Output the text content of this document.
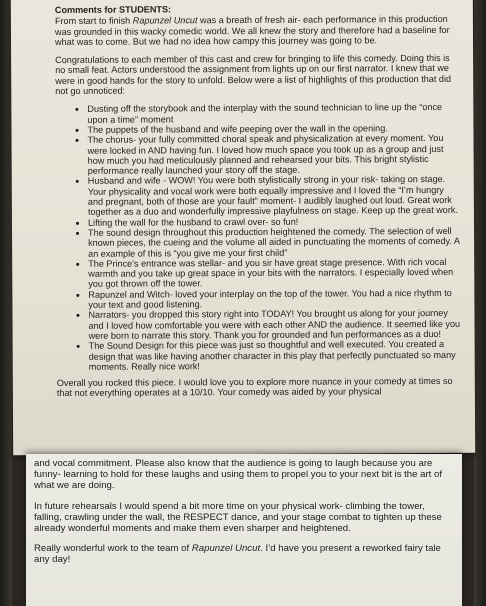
Comments for STUDENTS:

From start to finish Rapunzel Uncut was a breath of fresh air- each performance in this production was grounded in this wacky comedic world. We all knew the story and therefore had a baseline for what was to come. But we had no idea how campy this journey was going to be.

Congratulations to each member of this cast and crew for bringing to life this comedy. Doing this is no small feat. Actors understood the assignment from lights up on our first narrator. I knew that we were in good hands for the story to unfold. Below were a list of highlights of this production that did not go unnoticed:

• Dusting off the storybook and the interplay with the sound technician to line up the “once upon a time” moment
• The puppets of the husband and wife peeping over the wall in the opening.
• The chorus- your fully committed choral speak and physicalization at every moment. You were locked in AND having fun. I loved how much space you took up as a group and just how much you had meticulously planned and rehearsed your bits. This bright stylistic performance really launched your story off the stage.
• Husband and wife - WOW! You were both stylistically strong in your risk- taking on stage. Your physicality and vocal work were both equally impressive and I loved the “I’m hungry and pregnant, both of those are your fault” moment- I audibly laughed out loud. Great work together as a duo and wonderfully impressive playfulness on stage. Keep up the great work.
• Lifting the wall for the husband to crawl over- so fun!
• The sound design throughout this production heightened the comedy. The selection of well known pieces, the cueing and the volume all aided in punctuating the moments of comedy. A an example of this is “you give me your first child”
• The Prince’s entrance was stellar- and you sir have great stage presence. With rich vocal warmth and you take up great space in your bits with the narrators. I especially loved when you got thrown off the tower.
• Rapunzel and Witch- loved your interplay on the top of the tower. You had a nice rhythm to your text and good listening.
• Narrators- you dropped this story right into TODAY! You brought us along for your journey and I loved how comfortable you were with each other AND the audience. It seemed like you were born to narrate this story. Thank you for grounded and fun performances as a duo!
• The Sound Design for this piece was just so thoughtful and well executed. You created a design that was like having another character in this play that perfectly punctuated so many moments. Really nice work!

Overall you rocked this piece. I would love you to explore more nuance in your comedy at times so that not everything operates at a 10/10. Your comedy was aided by your physical

and vocal commitment. Please also know that the audience is going to laugh because you are funny- learning to hold for these laughs and using them to propel you to your next bit is the art of what we are doing.

In future rehearsals I would spend a bit more time on your physical work- climbing the tower, falling, crawling under the wall, the RESPECT dance, and your stage combat to tighten up these already wonderful moments and make them even sharper and heightened.

Really wonderful work to the team of Rapunzel Uncut. I’d have you present a reworked fairy tale any day!
